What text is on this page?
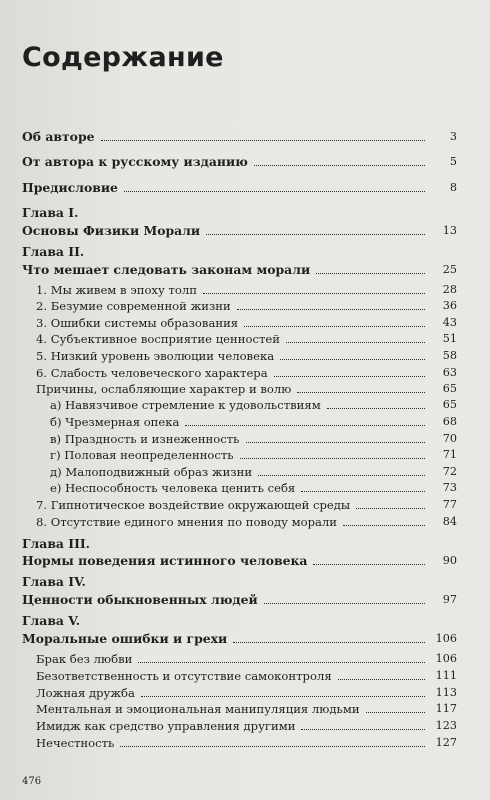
Содержание
Об авторе	3
От автора к русскому изданию	5
Предисловие	8
Глава I.
Основы Физики Морали	13
Глава II.
Что мешает следовать законам морали	25
1. Мы живем в эпоху толп	28
2. Безумие современной жизни	36
3. Ошибки системы образования	43
4. Субъективное восприятие ценностей	51
5. Низкий уровень эволюции человека	58
6. Слабость человеческого характера	63
Причины, ослабляющие характер и волю	65
а) Навязчивое стремление к удовольствиям	65
б) Чрезмерная опека	68
в) Праздность и изнеженность	70
г) Половая неопределенность	71
д) Малоподвижный образ жизни	72
е) Неспособность человека ценить себя	73
7. Гипнотическое воздействие окружающей среды	77
8. Отсутствие единого мнения по поводу морали	84
Глава III.
Нормы поведения истинного человека	90
Глава IV.
Ценности обыкновенных людей	97
Глава V.
Моральные ошибки и грехи	106
Брак без любви	106
Безответственность и отсутствие самоконтроля	111
Ложная дружба	113
Ментальная и эмоциональная манипуляция людьми	117
Имидж как средство управления другими	123
Нечестность	127
476
